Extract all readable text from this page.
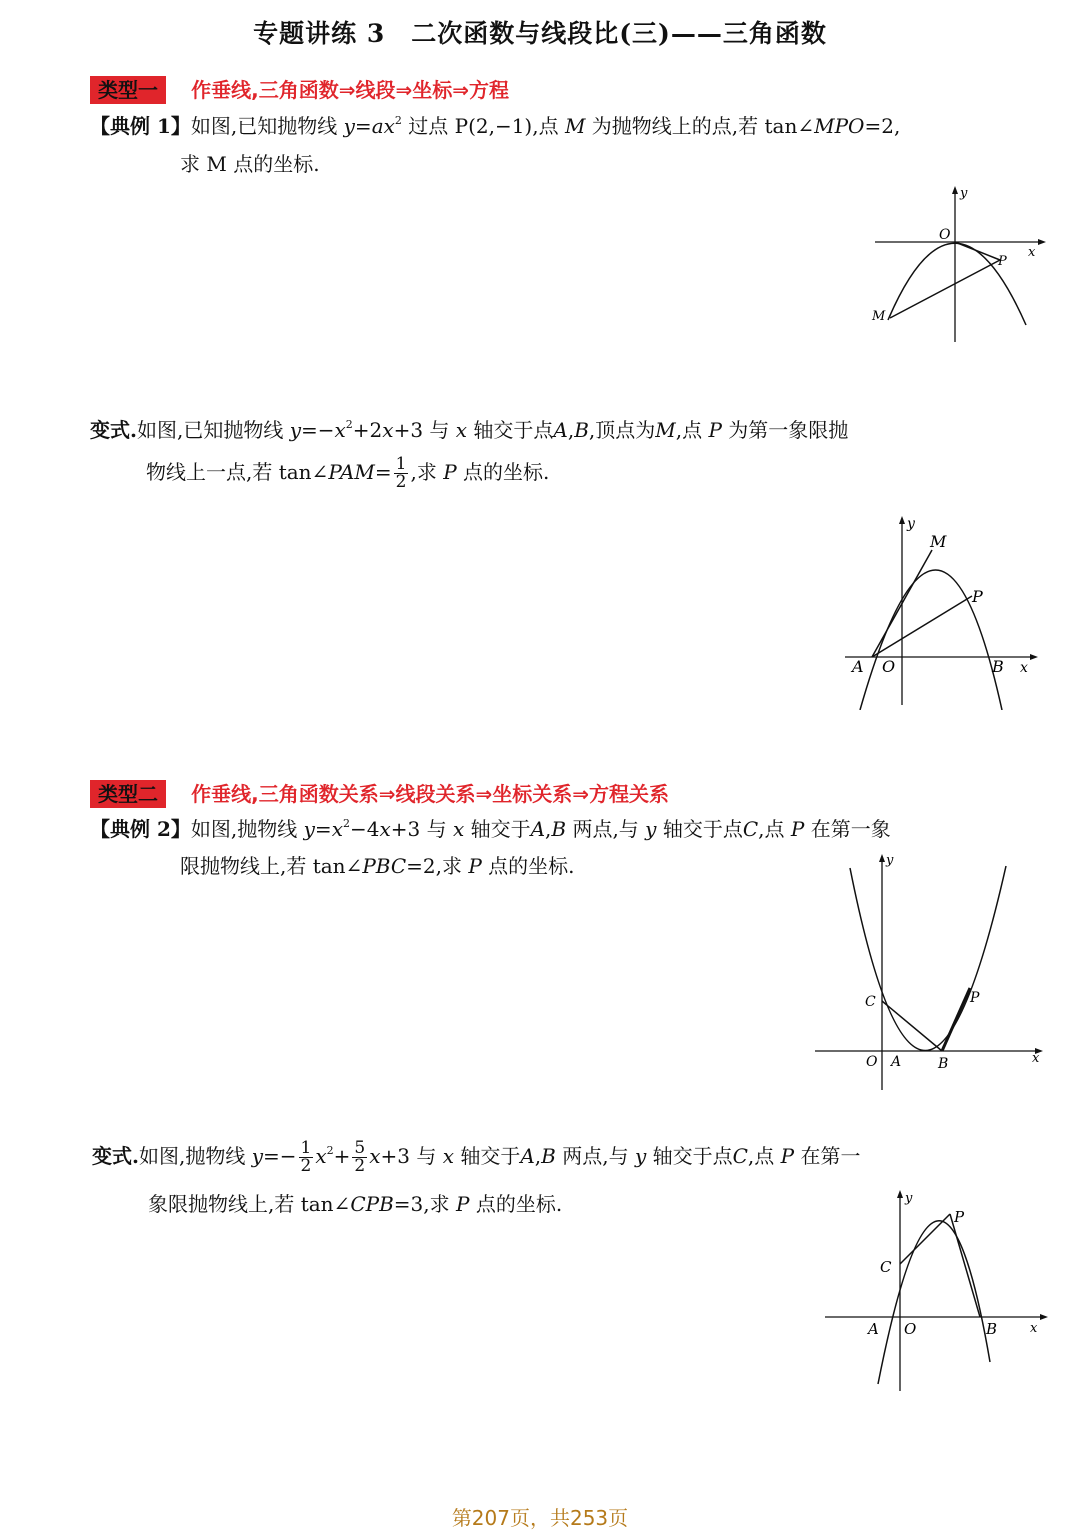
专题讲练 3　二次函数与线段比(三)——三角函数
类型一 作垂线,三角函数⇒线段⇒坐标⇒方程
【典例 1】如图,已知抛物线 $y=ax^2$ 过点 P(2,−1),点 M 为抛物线上的点,若 tan∠MPO=2,
求 M 点的坐标.
x
y
O
P
M
变式.如图,已知抛物线 $y=-x^2+2x+3$ 与 x 轴交于点A,B,顶点为M,点 P 为第一象限抛
物线上一点,若 tan∠PAM= $\frac{1}{2}$ ,求 P 点的坐标.
x
y
A O	B
M
P
类型二 作垂线,三角函数关系⇒线段关系⇒坐标关系⇒方程关系
【典例 2】如图,抛物线 $y=x^2-4x+3$ 与 x 轴交于A,B 两点,与 y 轴交于点C,点 P 在第一象
限抛物线上,若 tan∠PBC=2,求 P 点的坐标.
x
y
C
O A	B
P
变式.如图,抛物线 $y=- \frac{1}{2} x^2+ \frac{5}{2} x+3$ 与 x 轴交于A,B 两点,与 y 轴交于点C,点 P 在第一
象限抛物线上,若 tan∠CPB=3,求 P 点的坐标.
x
y
C
A O	B
P
第207页，共253页
